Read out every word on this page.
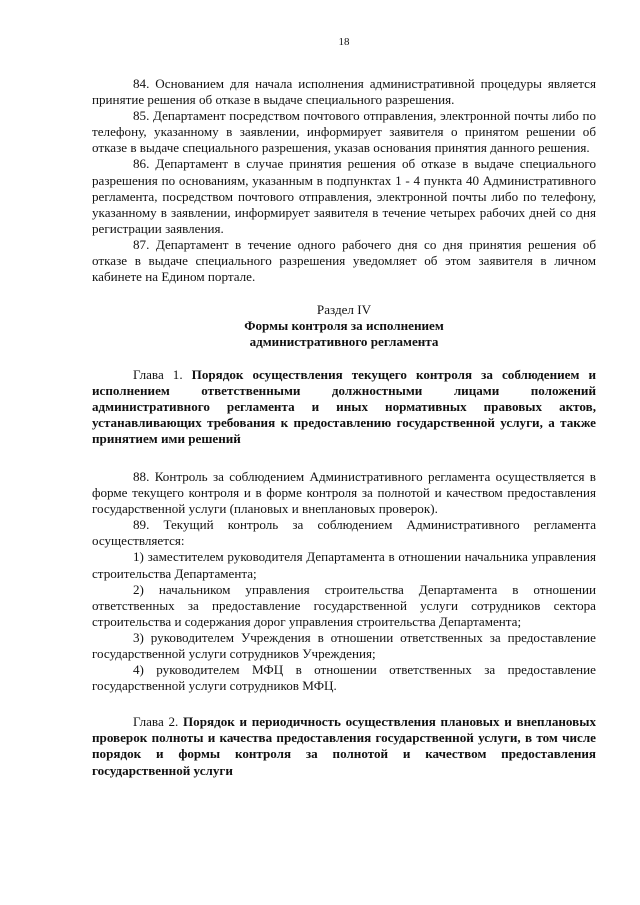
18

84. Основанием для начала исполнения административной процедуры является принятие решения об отказе в выдаче специального разрешения.

85. Департамент посредством почтового отправления, электронной почты либо по телефону, указанному в заявлении, информирует заявителя о принятом решении об отказе в выдаче специального разрешения, указав основания принятия данного решения.

86. Департамент в случае принятия решения об отказе в выдаче специального разрешения по основаниям, указанным в подпунктах 1 - 4 пункта 40 Административного регламента, посредством почтового отправления, электронной почты либо по телефону, указанному в заявлении, информирует заявителя в течение четырех рабочих дней со дня регистрации заявления.

87. Департамент в течение одного рабочего дня со дня принятия решения об отказе в выдаче специального разрешения уведомляет об этом заявителя в личном кабинете на Едином портале.

Раздел IV
Формы контроля за исполнением
административного регламента

Глава 1. Порядок осуществления текущего контроля за соблюдением и исполнением ответственными должностными лицами положений административного регламента и иных нормативных правовых актов, устанавливающих требования к предоставлению государственной услуги, а также принятием ими решений

88. Контроль за соблюдением Административного регламента осуществляется в форме текущего контроля и в форме контроля за полнотой и качеством предоставления государственной услуги (плановых и внеплановых проверок).

89. Текущий контроль за соблюдением Административного регламента осуществляется:

1) заместителем руководителя Департамента в отношении начальника управления строительства Департамента;

2) начальником управления строительства Департамента в отношении ответственных за предоставление государственной услуги сотрудников сектора строительства и содержания дорог управления строительства Департамента;

3) руководителем Учреждения в отношении ответственных за предоставление государственной услуги сотрудников Учреждения;

4) руководителем МФЦ в отношении ответственных за предоставление государственной услуги сотрудников МФЦ.

Глава 2. Порядок и периодичность осуществления плановых и внеплановых проверок полноты и качества предоставления государственной услуги, в том числе порядок и формы контроля за полнотой и качеством предоставления государственной услуги
